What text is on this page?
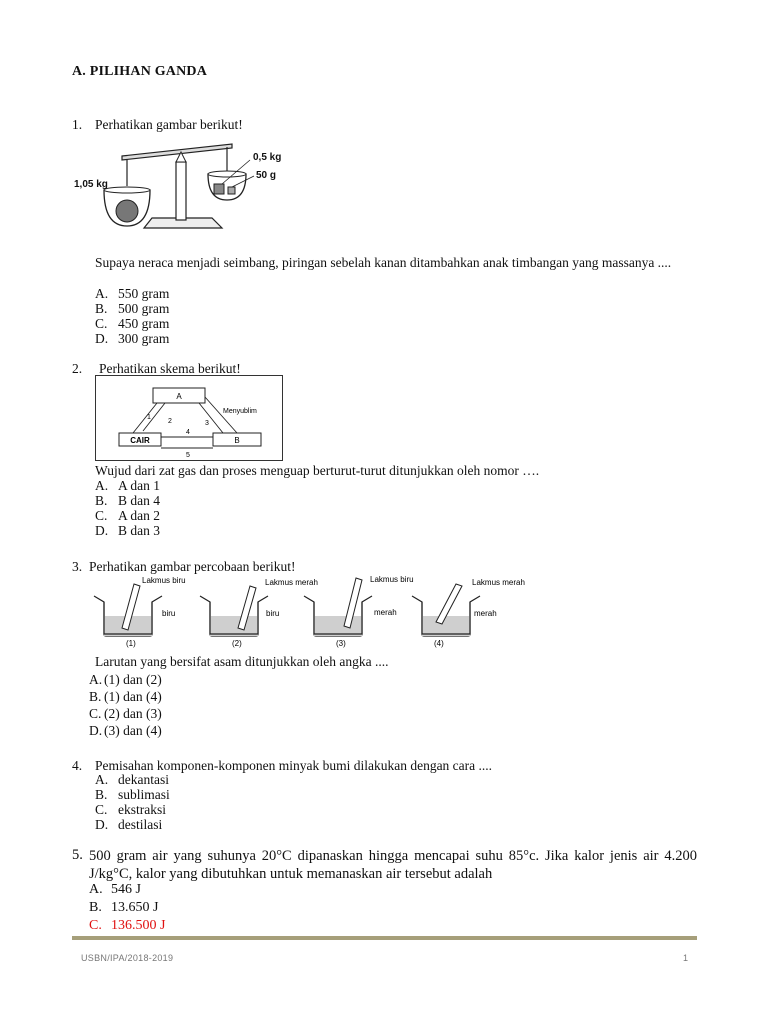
A. PILIHAN GANDA
1. Perhatikan gambar berikut!
1,05 kg
0,5 kg
50 g
Supaya neraca menjadi seimbang, piringan sebelah kanan ditambahkan anak timbangan yang massanya ....
A. 550 gram
B. 500 gram
C. 450 gram
D. 300 gram
2. Perhatikan skema berikut!
A
CAIR	B
1
2	3
Menyublim
4
5
Wujud dari zat gas dan proses menguap berturut-turut ditunjukkan oleh nomor ….
A. A dan 1
B. B dan 4
C. A dan 2
D. B dan 3
3. Perhatikan gambar percobaan berikut!
Lakmus biru
biru
(1)
Lakmus merah
biru
(2)
Lakmus biru
merah
(3)
Lakmus merah
merah
(4)
Larutan yang bersifat asam ditunjukkan oleh angka ....
A. (1) dan (2)
B. (1) dan (4)
C. (2) dan (3)
D. (3) dan (4)
4. Pemisahan komponen-komponen minyak bumi dilakukan dengan cara ....
A. dekantasi
B. sublimasi
C. ekstraksi
D. destilasi
5. 500 gram air yang suhunya 20°C dipanaskan hingga mencapai suhu 85°c. Jika kalor jenis air 4.200 J/kg°C, kalor yang dibutuhkan untuk memanaskan air tersebut adalah
A. 546 J
B. 13.650 J
C. 136.500 J
USBN/IPA/2018-2019	1
